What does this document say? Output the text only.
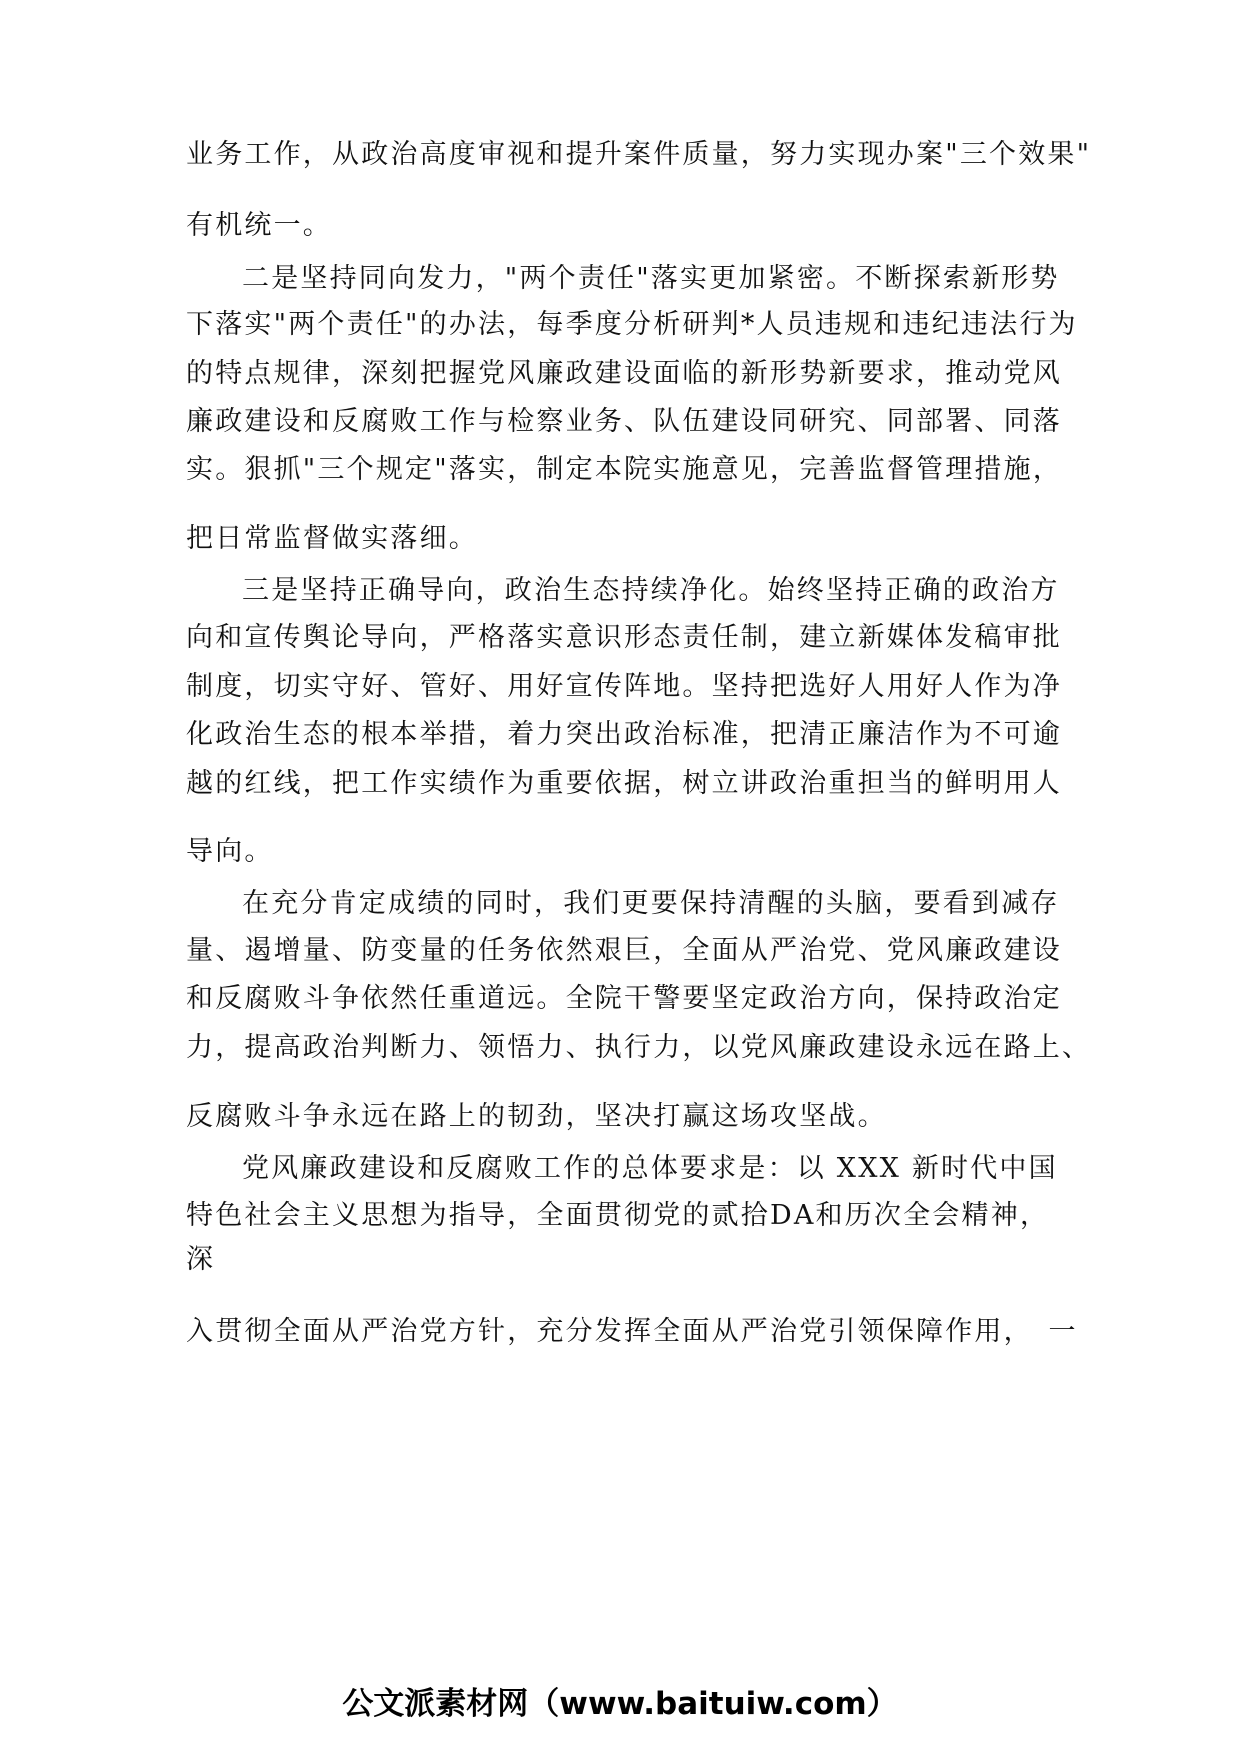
业务工作，从政治高度审视和提升案件质量，努力实现办案"三个效果"
有机统一。
二是坚持同向发力，"两个责任"落实更加紧密。不断探索新形势
下落实"两个责任"的办法，每季度分析研判*人员违规和违纪违法行为
的特点规律，深刻把握党风廉政建设面临的新形势新要求，推动党风
廉政建设和反腐败工作与检察业务、队伍建设同研究、同部署、同落
实。狠抓"三个规定"落实，制定本院实施意见，完善监督管理措施，
把日常监督做实落细。
三是坚持正确导向，政治生态持续净化。始终坚持正确的政治方
向和宣传舆论导向，严格落实意识形态责任制，建立新媒体发稿审批
制度，切实守好、管好、用好宣传阵地。坚持把选好人用好人作为净
化政治生态的根本举措，着力突出政治标准，把清正廉洁作为不可逾
越的红线，把工作实绩作为重要依据，树立讲政治重担当的鲜明用人
导向。
在充分肯定成绩的同时，我们更要保持清醒的头脑，要看到减存
量、遏增量、防变量的任务依然艰巨，全面从严治党、党风廉政建设
和反腐败斗争依然任重道远。全院干警要坚定政治方向，保持政治定
力，提高政治判断力、领悟力、执行力，以党风廉政建设永远在路上、
反腐败斗争永远在路上的韧劲，坚决打赢这场攻坚战。
党风廉政建设和反腐败工作的总体要求是：以 XXX 新时代中国
特色社会主义思想为指导，全面贯彻党的贰拾DA和历次全会精神，
深
入贯彻全面从严治党方针，充分发挥全面从严治党引领保障作用，　一
公文派素材网（www.baituiw.com）
